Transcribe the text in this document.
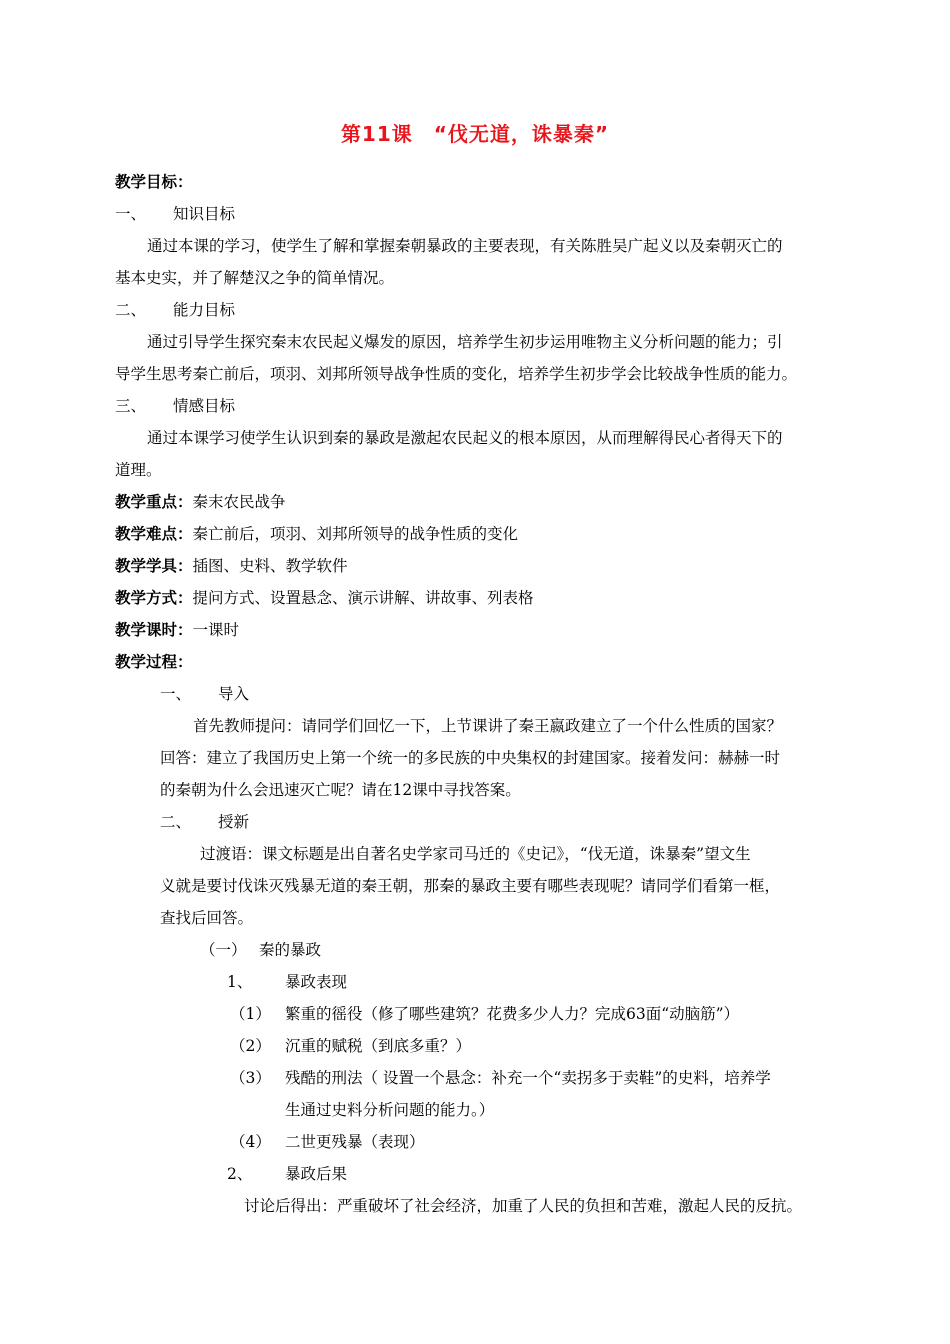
第11课　“伐无道，诛暴秦”
教学目标：
一、 知识目标
通过本课的学习，使学生了解和掌握秦朝暴政的主要表现，有关陈胜吴广起义以及秦朝灭亡的
基本史实，并了解楚汉之争的简单情况。
二、 能力目标
通过引导学生探究秦末农民起义爆发的原因，培养学生初步运用唯物主义分析问题的能力；引
导学生思考秦亡前后，项羽、刘邦所领导战争性质的变化，培养学生初步学会比较战争性质的能力。
三、 情感目标
通过本课学习使学生认识到秦的暴政是激起农民起义的根本原因，从而理解得民心者得天下的
道理。
教学重点：秦末农民战争
教学难点：秦亡前后，项羽、刘邦所领导的战争性质的变化
教学学具：插图、史料、教学软件
教学方式：提问方式、设置悬念、演示讲解、讲故事、列表格
教学课时：一课时
教学过程：
一、 导入
首先教师提问：请同学们回忆一下，上节课讲了秦王嬴政建立了一个什么性质的国家？
回答：建立了我国历史上第一个统一的多民族的中央集权的封建国家。接着发问：赫赫一时
的秦朝为什么会迅速灭亡呢？请在12课中寻找答案。
二、 授新
过渡语：课文标题是出自著名史学家司马迁的《史记》，“伐无道，诛暴秦”望文生
义就是要讨伐诛灭残暴无道的秦王朝，那秦的暴政主要有哪些表现呢？请同学们看第一框，
查找后回答。
（一） 秦的暴政
1、 暴政表现
（1） 繁重的徭役（修了哪些建筑？花费多少人力？完成63面“动脑筋”）
（2） 沉重的赋税（到底多重？）
（3） 残酷的刑法（ 设置一个悬念：补充一个“卖拐多于卖鞋”的史料，培养学
生通过史料分析问题的能力。）
（4） 二世更残暴（表现）
2、 暴政后果
讨论后得出：严重破坏了社会经济，加重了人民的负担和苦难，激起人民的反抗。
